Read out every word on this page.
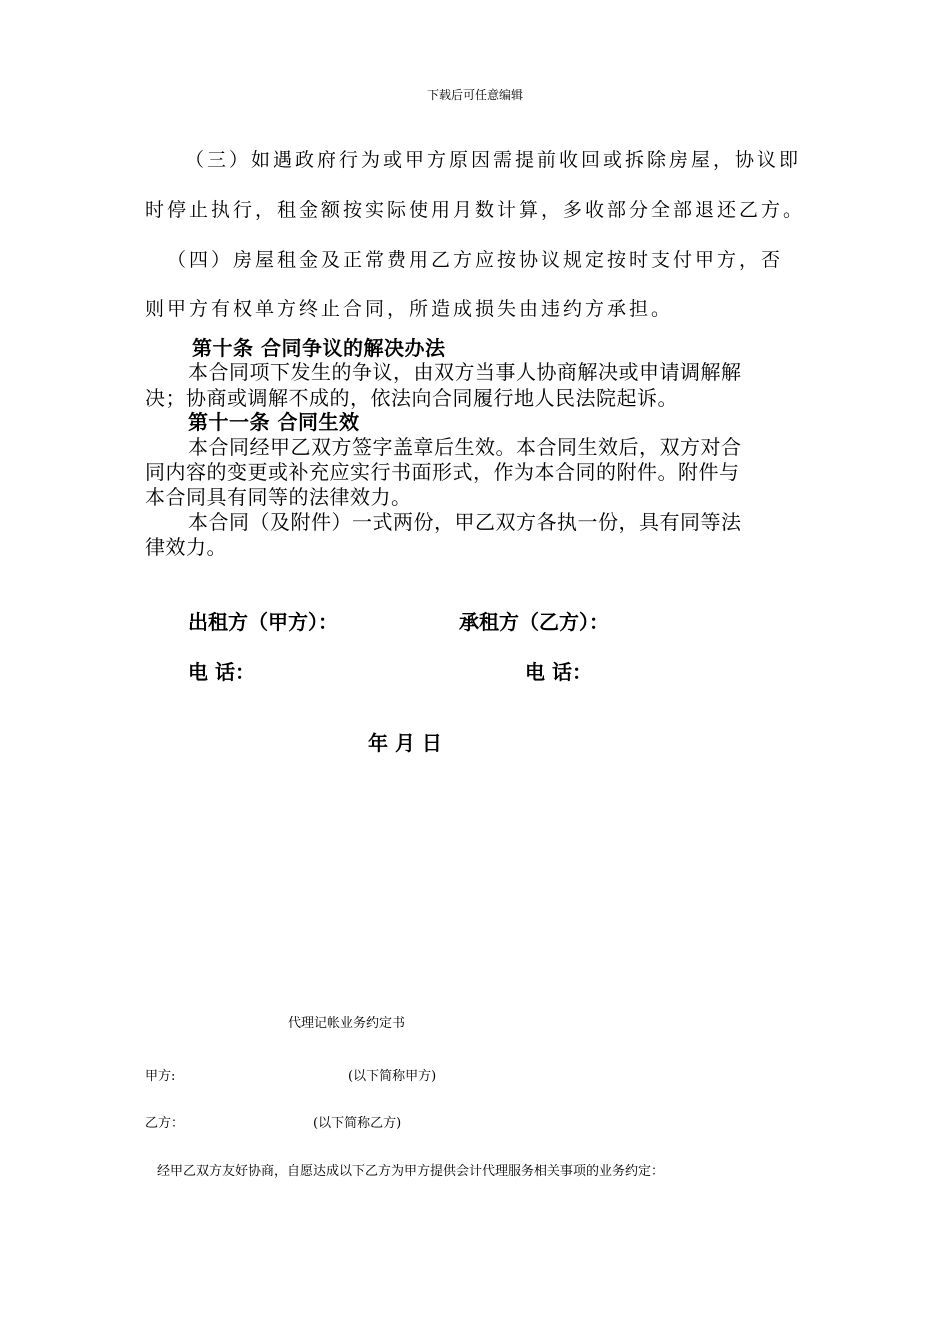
下载后可任意编辑
（三）如遇政府行为或甲方原因需提前收回或拆除房屋，协议即
时停止执行，租金额按实际使用月数计算，多收部分全部退还乙方。
（四）房屋租金及正常费用乙方应按协议规定按时支付甲方，否
则甲方有权单方终止合同，所造成损失由违约方承担。
第十条 合同争议的解决办法
本合同项下发生的争议，由双方当事人协商解决或申请调解解
决；协商或调解不成的，依法向合同履行地人民法院起诉。
第十一条 合同生效
本合同经甲乙双方签字盖章后生效。本合同生效后，双方对合
同内容的变更或补充应实行书面形式，作为本合同的附件。附件与
本合同具有同等的法律效力。
本合同（及附件）一式两份，甲乙双方各执一份，具有同等法
律效力。
出租方（甲方）：	承租方（乙方）：
电 话：	电 话：
年 月 日
代理记帐业务约定书
甲方:	(以下简称甲方)
乙方：	(以下简称乙方)
经甲乙双方友好协商，自愿达成以下乙方为甲方提供会计代理服务相关事项的业务约定：
